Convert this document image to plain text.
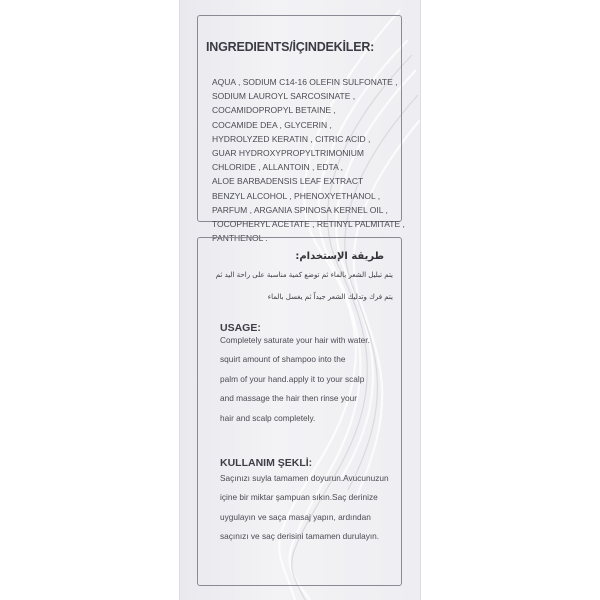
INGREDIENTS/İÇINDEKİLER:
AQUA , SODIUM C14-16 OLEFIN SULFONATE ,
SODIUM LAUROYL SARCOSINATE ,
COCAMIDOPROPYL BETAINE ,
COCAMIDE DEA , GLYCERIN ,
HYDROLYZED KERATIN , CITRIC ACID ,
GUAR HYDROXYPROPYLTRIMONIUM
CHLORIDE , ALLANTOIN , EDTA ,
ALOE BARBADENSIS LEAF EXTRACT
BENZYL ALCOHOL , PHENOXYETHANOL ,
PARFUM , ARGANIA SPINOSA KERNEL OIL ,
TOCOPHERYL ACETATE , RETINYL PALMITATE ,
PANTHENOL .
طريقة الإستخدام:
يتم تبليل الشعر بالماء ثم توضع كمية مناسبة على راحة اليد ثم
يتم فرك وتدليك الشعر جيداً ثم يغسل بالماء
USAGE:
Completely saturate your hair with water.
squirt amount of shampoo into the
palm of your hand.apply it to your scalp
and massage the hair then rinse your
hair and scalp completely.
KULLANIM ŞEKLİ:
Saçınızı suyla tamamen doyurun.Avucunuzun
içine bir miktar şampuan sıkın.Saç derinize
uygulayın ve saça masaj yapın, ardından
saçınızı ve saç derisini tamamen durulayın.
